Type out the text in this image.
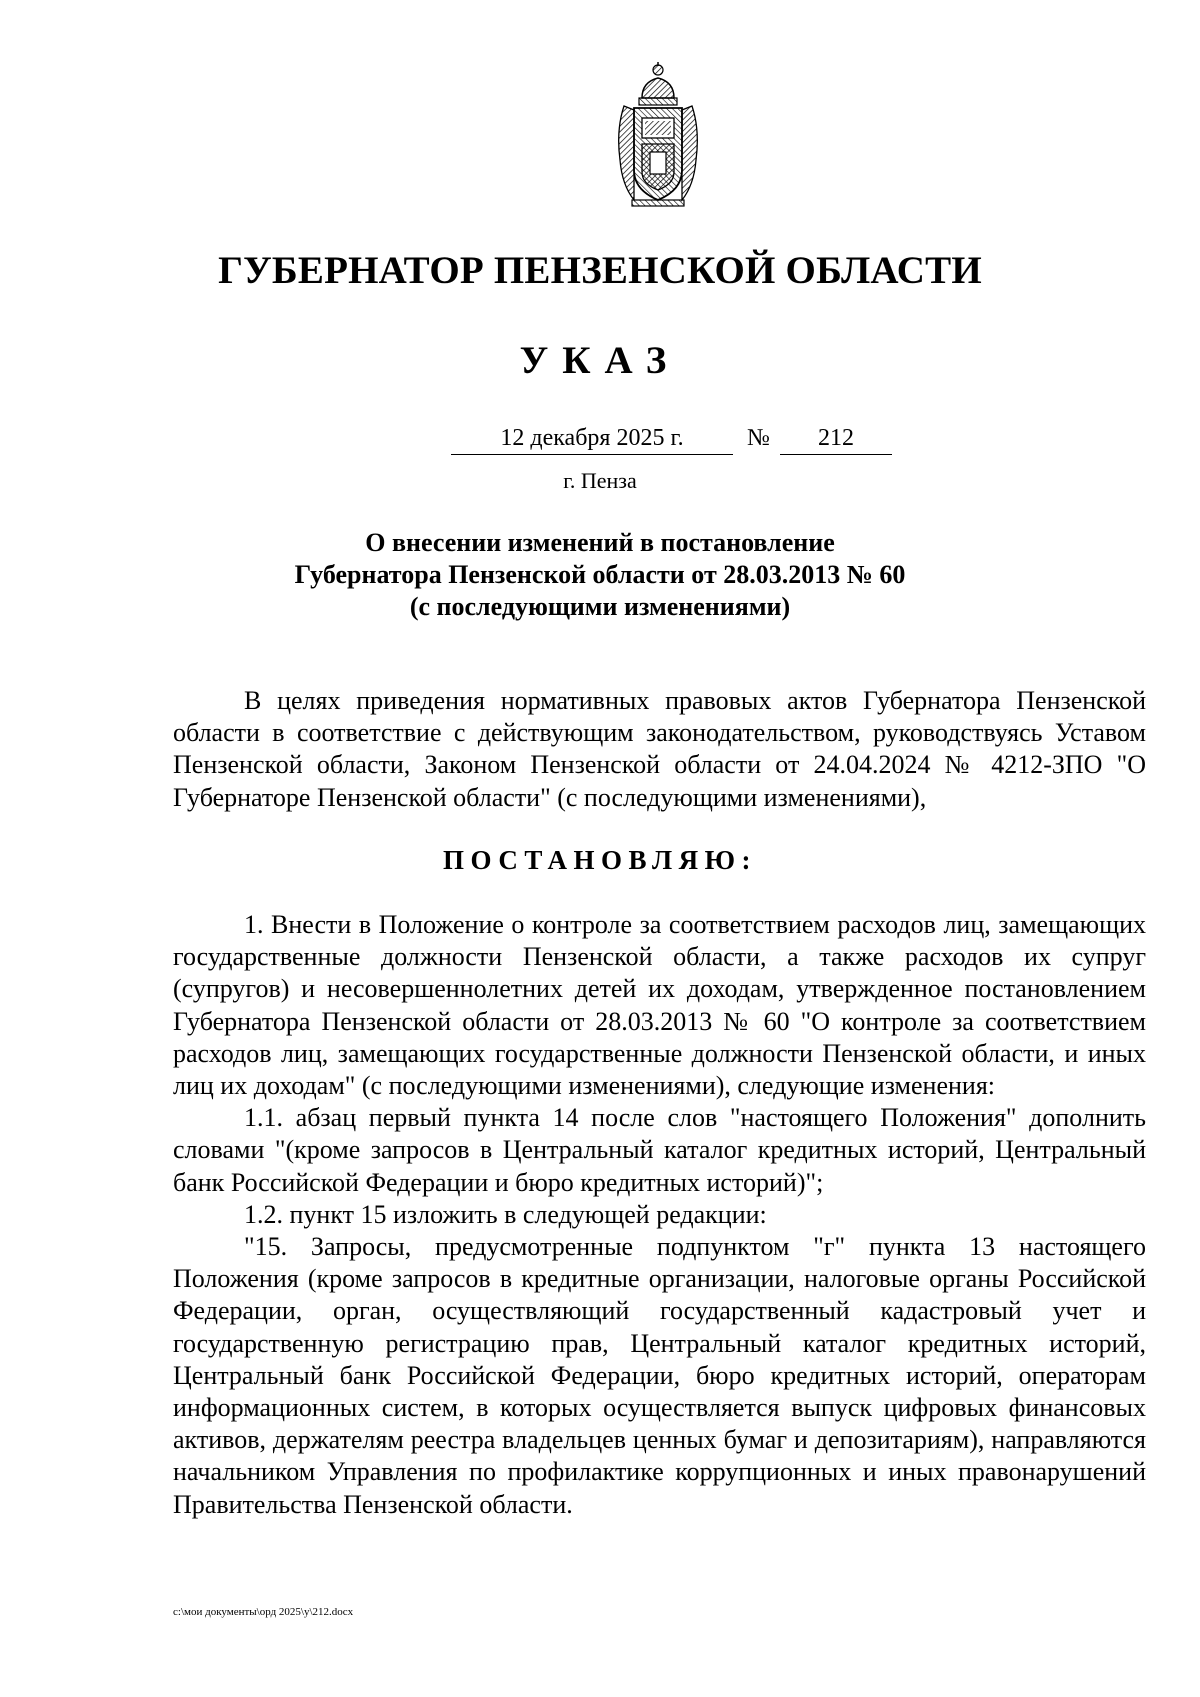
ГУБЕРНАТОР ПЕНЗЕНСКОЙ ОБЛАСТИ
УКАЗ
12 декабря 2025 г.	№	212
г. Пенза
О внесении изменений в постановление
Губернатора Пензенской области от 28.03.2013 № 60
(с последующими изменениями)

В целях приведения нормативных правовых актов Губернатора Пензенской области в соответствие с действующим законодательством, руководствуясь Уставом Пензенской области, Законом Пензенской области от 24.04.2024 № 4212-ЗПО "О Губернаторе Пензенской области" (с последующими изменениями),

ПОСТАНОВЛЯЮ:

1. Внести в Положение о контроле за соответствием расходов лиц, замещающих государственные должности Пензенской области, а также расходов их супруг (супругов) и несовершеннолетних детей их доходам, утвержденное постановлением Губернатора Пензенской области от 28.03.2013 № 60 "О контроле за соответствием расходов лиц, замещающих государственные должности Пензенской области, и иных лиц их доходам" (с последующими изменениями), следующие изменения:

1.1. абзац первый пункта 14 после слов "настоящего Положения" дополнить словами "(кроме запросов в Центральный каталог кредитных историй, Центральный банк Российской Федерации и бюро кредитных историй)";

1.2. пункт 15 изложить в следующей редакции:

"15. Запросы, предусмотренные подпунктом "г" пункта 13 настоящего Положения (кроме запросов в кредитные организации, налоговые органы Российской Федерации, орган, осуществляющий государственный кадастровый учет и государственную регистрацию прав, Центральный каталог кредитных историй, Центральный банк Российской Федерации, бюро кредитных историй, операторам информационных систем, в которых осуществляется выпуск цифровых финансовых активов, держателям реестра владельцев ценных бумаг и депозитариям), направляются начальником Управления по профилактике коррупционных и иных правонарушений Правительства Пензенской области.

c:\мои документы\орд 2025\у\212.docx
